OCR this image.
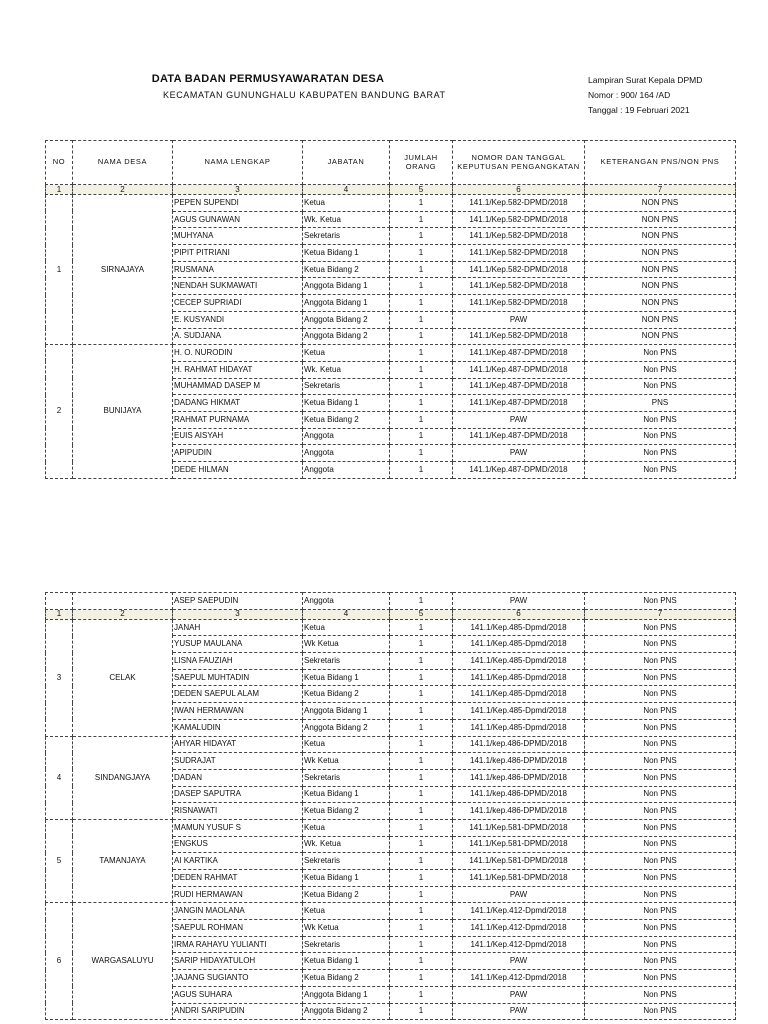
DATA BADAN PERMUSYAWARATAN DESA
KECAMATAN GUNUNGHALU KABUPATEN BANDUNG BARAT
Lampiran Surat Kepala DPMD
Nomor : 900/ 164 /AD
Tanggal : 19 Februari 2021
NO	NAMA DESA	NAMA LENGKAP	JABATAN	JUMLAH ORANG	NOMOR DAN TANGGAL KEPUTUSAN PENGANGKATAN	KETERANGAN PNS/NON PNS
1	2	3	4	5	6	7
1	SIRNAJAYA	PEPEN SUPENDI	Ketua	1	141.1/Kep.582-DPMD/2018	NON PNS
		AGUS GUNAWAN	Wk. Ketua	1	141.1/Kep.582-DPMD/2018	NON PNS
		MUHYANA	Sekretaris	1	141.1/Kep.582-DPMD/2018	NON PNS
		PIPIT PITRIANI	Ketua Bidang 1	1	141.1/Kep.582-DPMD/2018	NON PNS
		RUSMANA	Ketua Bidang 2	1	141.1/Kep.582-DPMD/2018	NON PNS
		NENDAH SUKMAWATI	Anggota Bidang 1	1	141.1/Kep.582-DPMD/2018	NON PNS
		CECEP SUPRIADI	Anggota Bidang 1	1	141.1/Kep.582-DPMD/2018	NON PNS
		E. KUSYANDI	Anggota Bidang 2	1	PAW	NON PNS
		A. SUDJANA	Anggota Bidang 2	1	141.1/Kep.582-DPMD/2018	NON PNS
2	BUNIJAYA	H. O. NURODIN	Ketua	1	141.1/Kep.487-DPMD/2018	Non PNS
		H. RAHMAT HIDAYAT	Wk. Ketua	1	141.1/Kep.487-DPMD/2018	Non PNS
		MUHAMMAD DASEP M	Sekretaris	1	141.1/Kep.487-DPMD/2018	Non PNS
		DADANG HIKMAT	Ketua Bidang 1	1	141.1/Kep.487-DPMD/2018	PNS
		RAHMAT PURNAMA	Ketua Bidang 2	1	PAW	Non PNS
		EUIS AISYAH	Anggota	1	141.1/Kep.487-DPMD/2018	Non PNS
		APIPUDIN	Anggota	1	PAW	Non PNS
		DEDE HILMAN	Anggota	1	141.1/Kep.487-DPMD/2018	Non PNS
		ASEP SAEPUDIN	Anggota	1	PAW	Non PNS
1	2	3	4	5	6	7
3	CELAK	JANAH	Ketua	1	141.1/Kep.485-Dpmd/2018	Non PNS
		YUSUP MAULANA	Wk Ketua	1	141.1/Kep.485-Dpmd/2018	Non PNS
		LISNA FAUZIAH	Sekretaris	1	141.1/Kep.485-Dpmd/2018	Non PNS
		SAEPUL MUHTADIN	Ketua Bidang 1	1	141.1/Kep.485-Dpmd/2018	Non PNS
		DEDEN SAEPUL ALAM	Ketua Bidang 2	1	141.1/Kep.485-Dpmd/2018	Non PNS
		IWAN HERMAWAN	Anggota Bidang 1	1	141.1/Kep.485-Dpmd/2018	Non PNS
		KAMALUDIN	Anggota Bidang 2	1	141.1/Kep.485-Dpmd/2018	Non PNS
4	SINDANGJAYA	AHYAR HIDAYAT	Ketua	1	141.1/kep.486-DPMD/2018	Non PNS
		SUDRAJAT	Wk Ketua	1	141.1/kep.486-DPMD/2018	Non PNS
		DADAN	Sekretaris	1	141.1/kep.486-DPMD/2018	Non PNS
		DASEP SAPUTRA	Ketua Bidang 1	1	141.1/kep.486-DPMD/2018	Non PNS
		RISNAWATI	Ketua Bidang 2	1	141.1/kep.486-DPMD/2018	Non PNS
5	TAMANJAYA	MAMUN YUSUF S	Ketua	1	141.1/Kep.581-DPMD/2018	Non PNS
		ENGKUS	Wk. Ketua	1	141.1/Kep.581-DPMD/2018	Non PNS
		AI KARTIKA	Sekretaris	1	141.1/Kep.581-DPMD/2018	Non PNS
		DEDEN RAHMAT	Ketua Bidang 1	1	141.1/Kep.581-DPMD/2018	Non PNS
		RUDI HERMAWAN	Ketua Bidang 2	1	PAW	Non PNS
6	WARGASALUYU	JANGIN MAOLANA	Ketua	1	141.1/Kep.412-Dpmd/2018	Non PNS
		SAEPUL ROHMAN	Wk Ketua	1	141.1/Kep.412-Dpmd/2018	Non PNS
		IRMA RAHAYU YULIANTI	Sekretaris	1	141.1/Kep.412-Dpmd/2018	Non PNS
		SARIP HIDAYATULOH	Ketua Bidang 1	1	PAW	Non PNS
		JAJANG SUGIANTO	Ketua Bidang 2	1	141.1/Kep.412-Dpmd/2018	Non PNS
		AGUS SUHARA	Anggota Bidang 1	1	PAW	Non PNS
		ANDRI SARIPUDIN	Anggota Bidang 2	1	PAW	Non PNS
